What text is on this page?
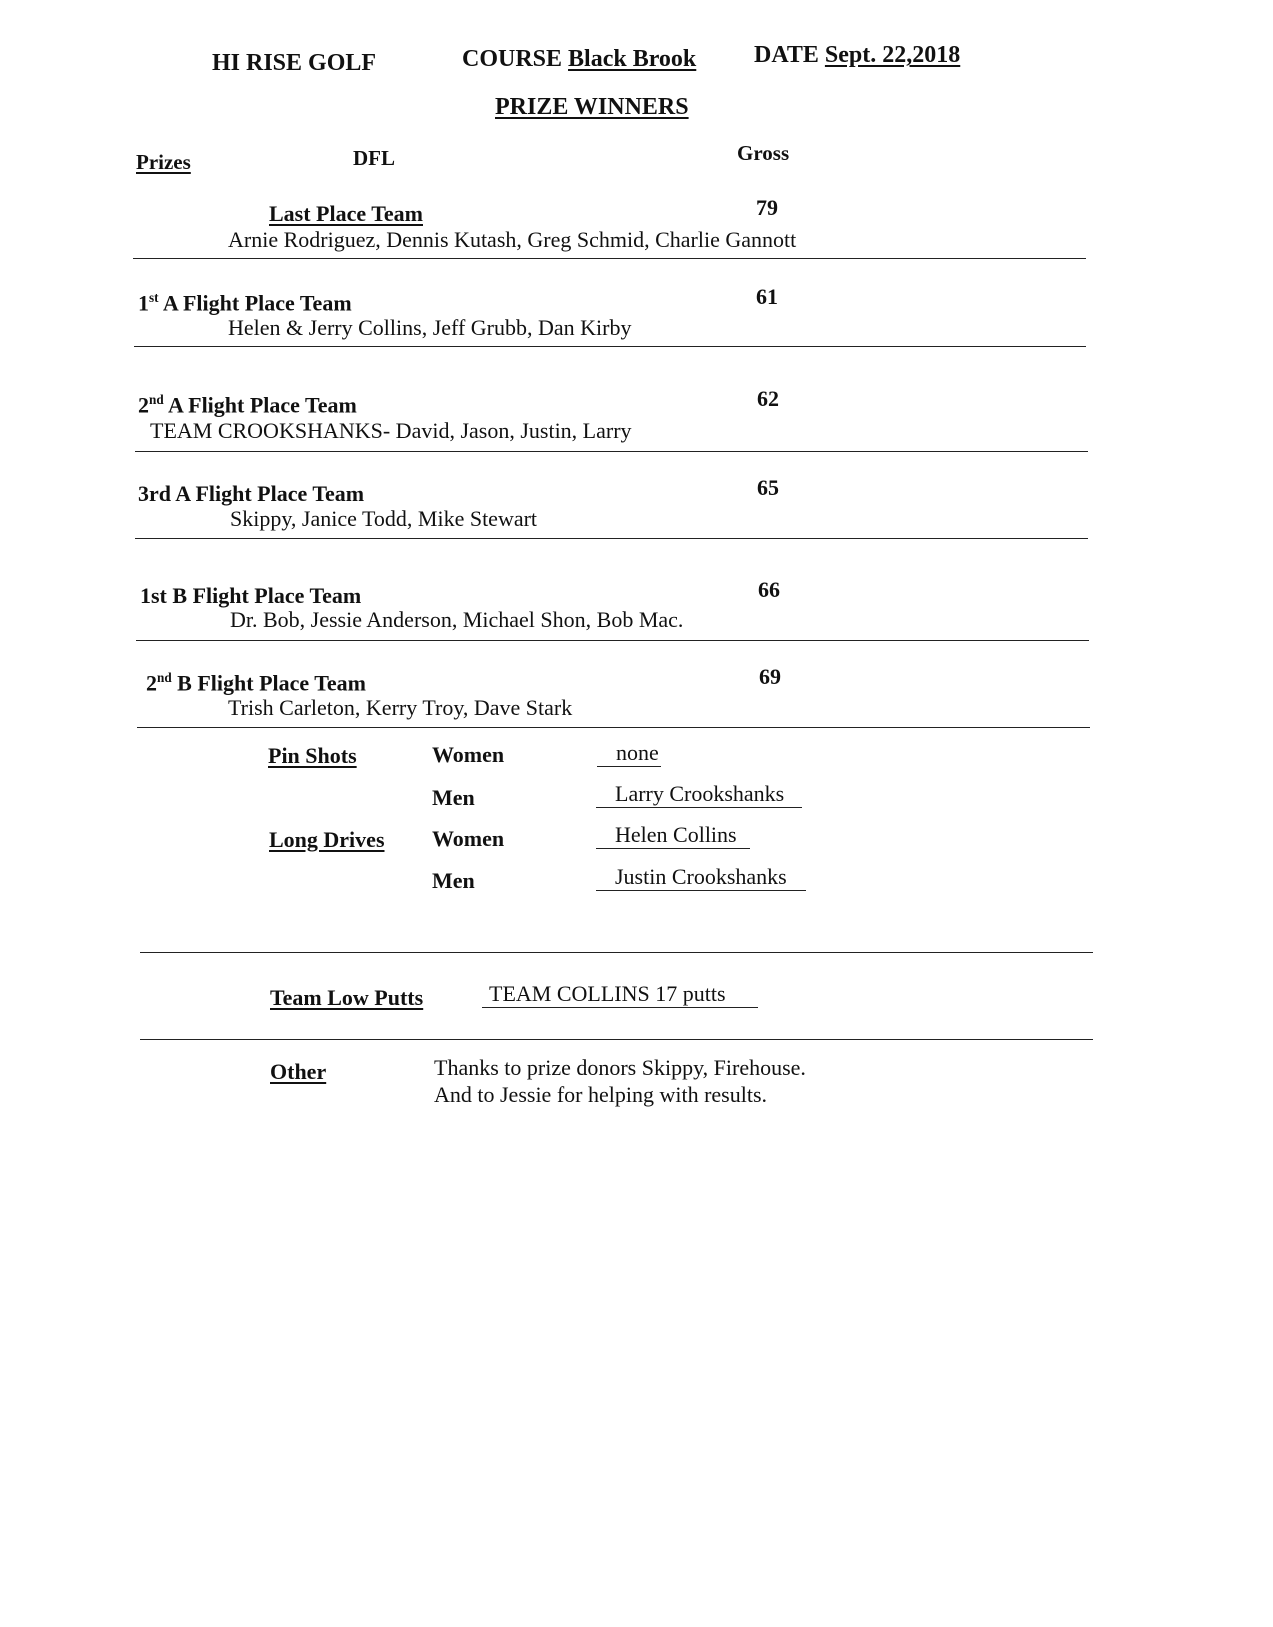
HI RISE GOLF	COURSE Black Brook DATE Sept. 22,2018
PRIZE WINNERS
Prizes	DFL	Gross
Last Place Team	79
Arnie Rodriguez, Dennis Kutash, Greg Schmid, Charlie Gannott
1st A Flight Place Team	61
Helen & Jerry Collins, Jeff Grubb, Dan Kirby
2nd A Flight Place Team	62
TEAM CROOKSHANKS- David, Jason, Justin, Larry
3rd A Flight Place Team	65
Skippy, Janice Todd, Mike Stewart
1st B Flight Place Team	66
Dr. Bob, Jessie Anderson, Michael Shon, Bob Mac.
2nd B Flight Place Team	69
Trish Carleton, Kerry Troy, Dave Stark
Pin Shots	Women	none
Men	Larry Crookshanks
Long Drives Women	Helen Collins
Men	Justin Crookshanks
Team Low Putts	TEAM COLLINS 17 putts
Other	Thanks to prize donors Skippy, Firehouse.
And to Jessie for helping with results.
